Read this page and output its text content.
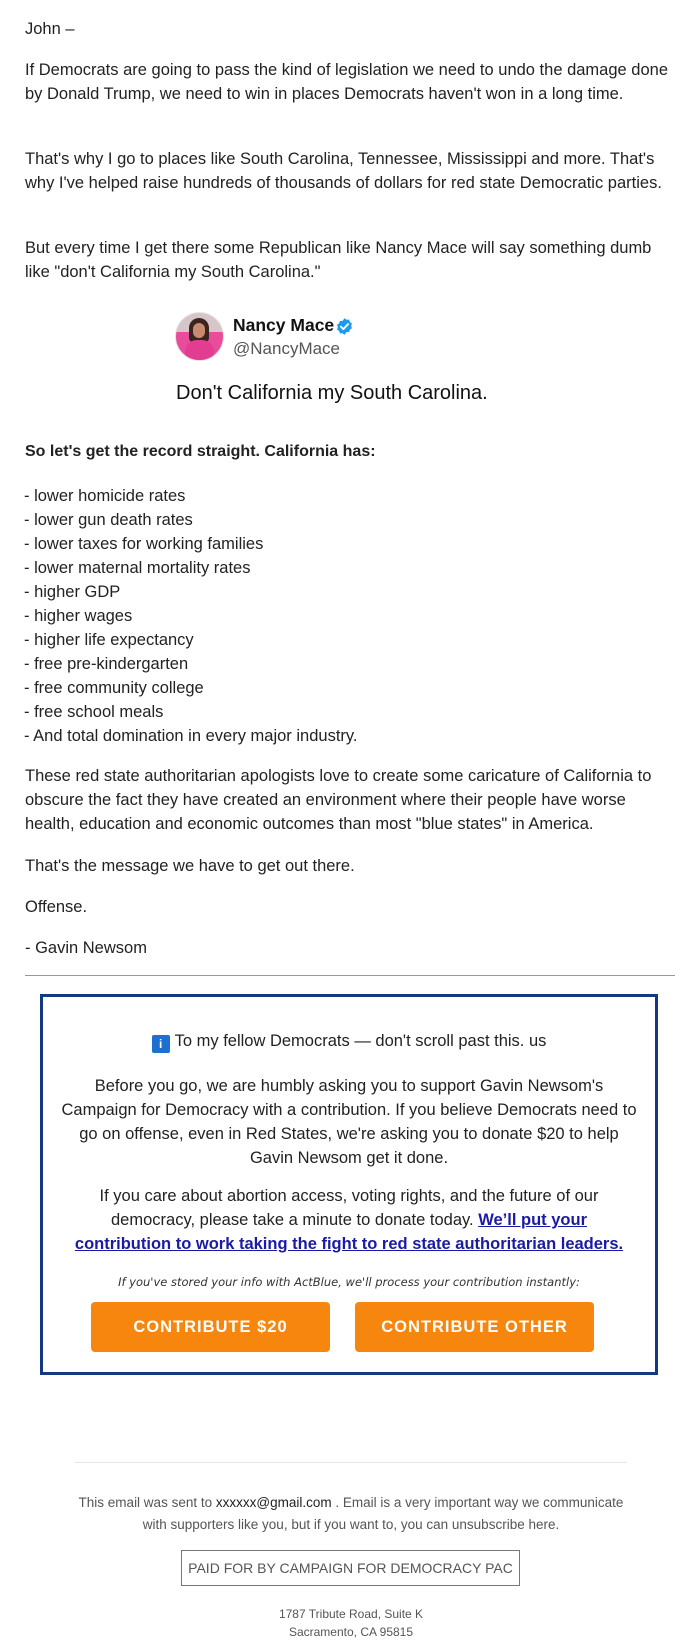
John –

If Democrats are going to pass the kind of legislation we need to undo the damage done by Donald Trump, we need to win in places Democrats haven't won in a long time.

That's why I go to places like South Carolina, Tennessee, Mississippi and more. That's why I've helped raise hundreds of thousands of dollars for red state Democratic parties.

But every time I get there some Republican like Nancy Mace will say something dumb like "don't California my South Carolina."

Nancy Mace
@NancyMace
Don't California my South Carolina.
So let's get the record straight. California has:
- lower homicide rates
- lower gun death rates
- lower taxes for working families
- lower maternal mortality rates
- higher GDP
- higher wages
- higher life expectancy
- free pre-kindergarten
- free community college
- free school meals
- And total domination in every major industry.

These red state authoritarian apologists love to create some caricature of California to obscure the fact they have created an environment where their people have worse health, education and economic outcomes than most "blue states" in America.

That's the message we have to get out there.

Offense.

- Gavin Newsom

i To my fellow Democrats — don't scroll past this. us

Before you go, we are humbly asking you to support Gavin Newsom's Campaign for Democracy with a contribution. If you believe Democrats need to go on offense, even in Red States, we're asking you to donate $20 to help Gavin Newsom get it done.

If you care about abortion access, voting rights, and the future of our democracy, please take a minute to donate today. We’ll put your contribution to work taking the fight to red state authoritarian leaders.

If you've stored your info with ActBlue, we'll process your contribution instantly:
CONTRIBUTE $20	CONTRIBUTE OTHER
This email was sent to xxxxxx@gmail.com . Email is a very important way we communicate with supporters like you, but if you want to, you can unsubscribe here.
PAID FOR BY CAMPAIGN FOR DEMOCRACY PAC
1787 Tribute Road, Suite K
Sacramento, CA 95815
